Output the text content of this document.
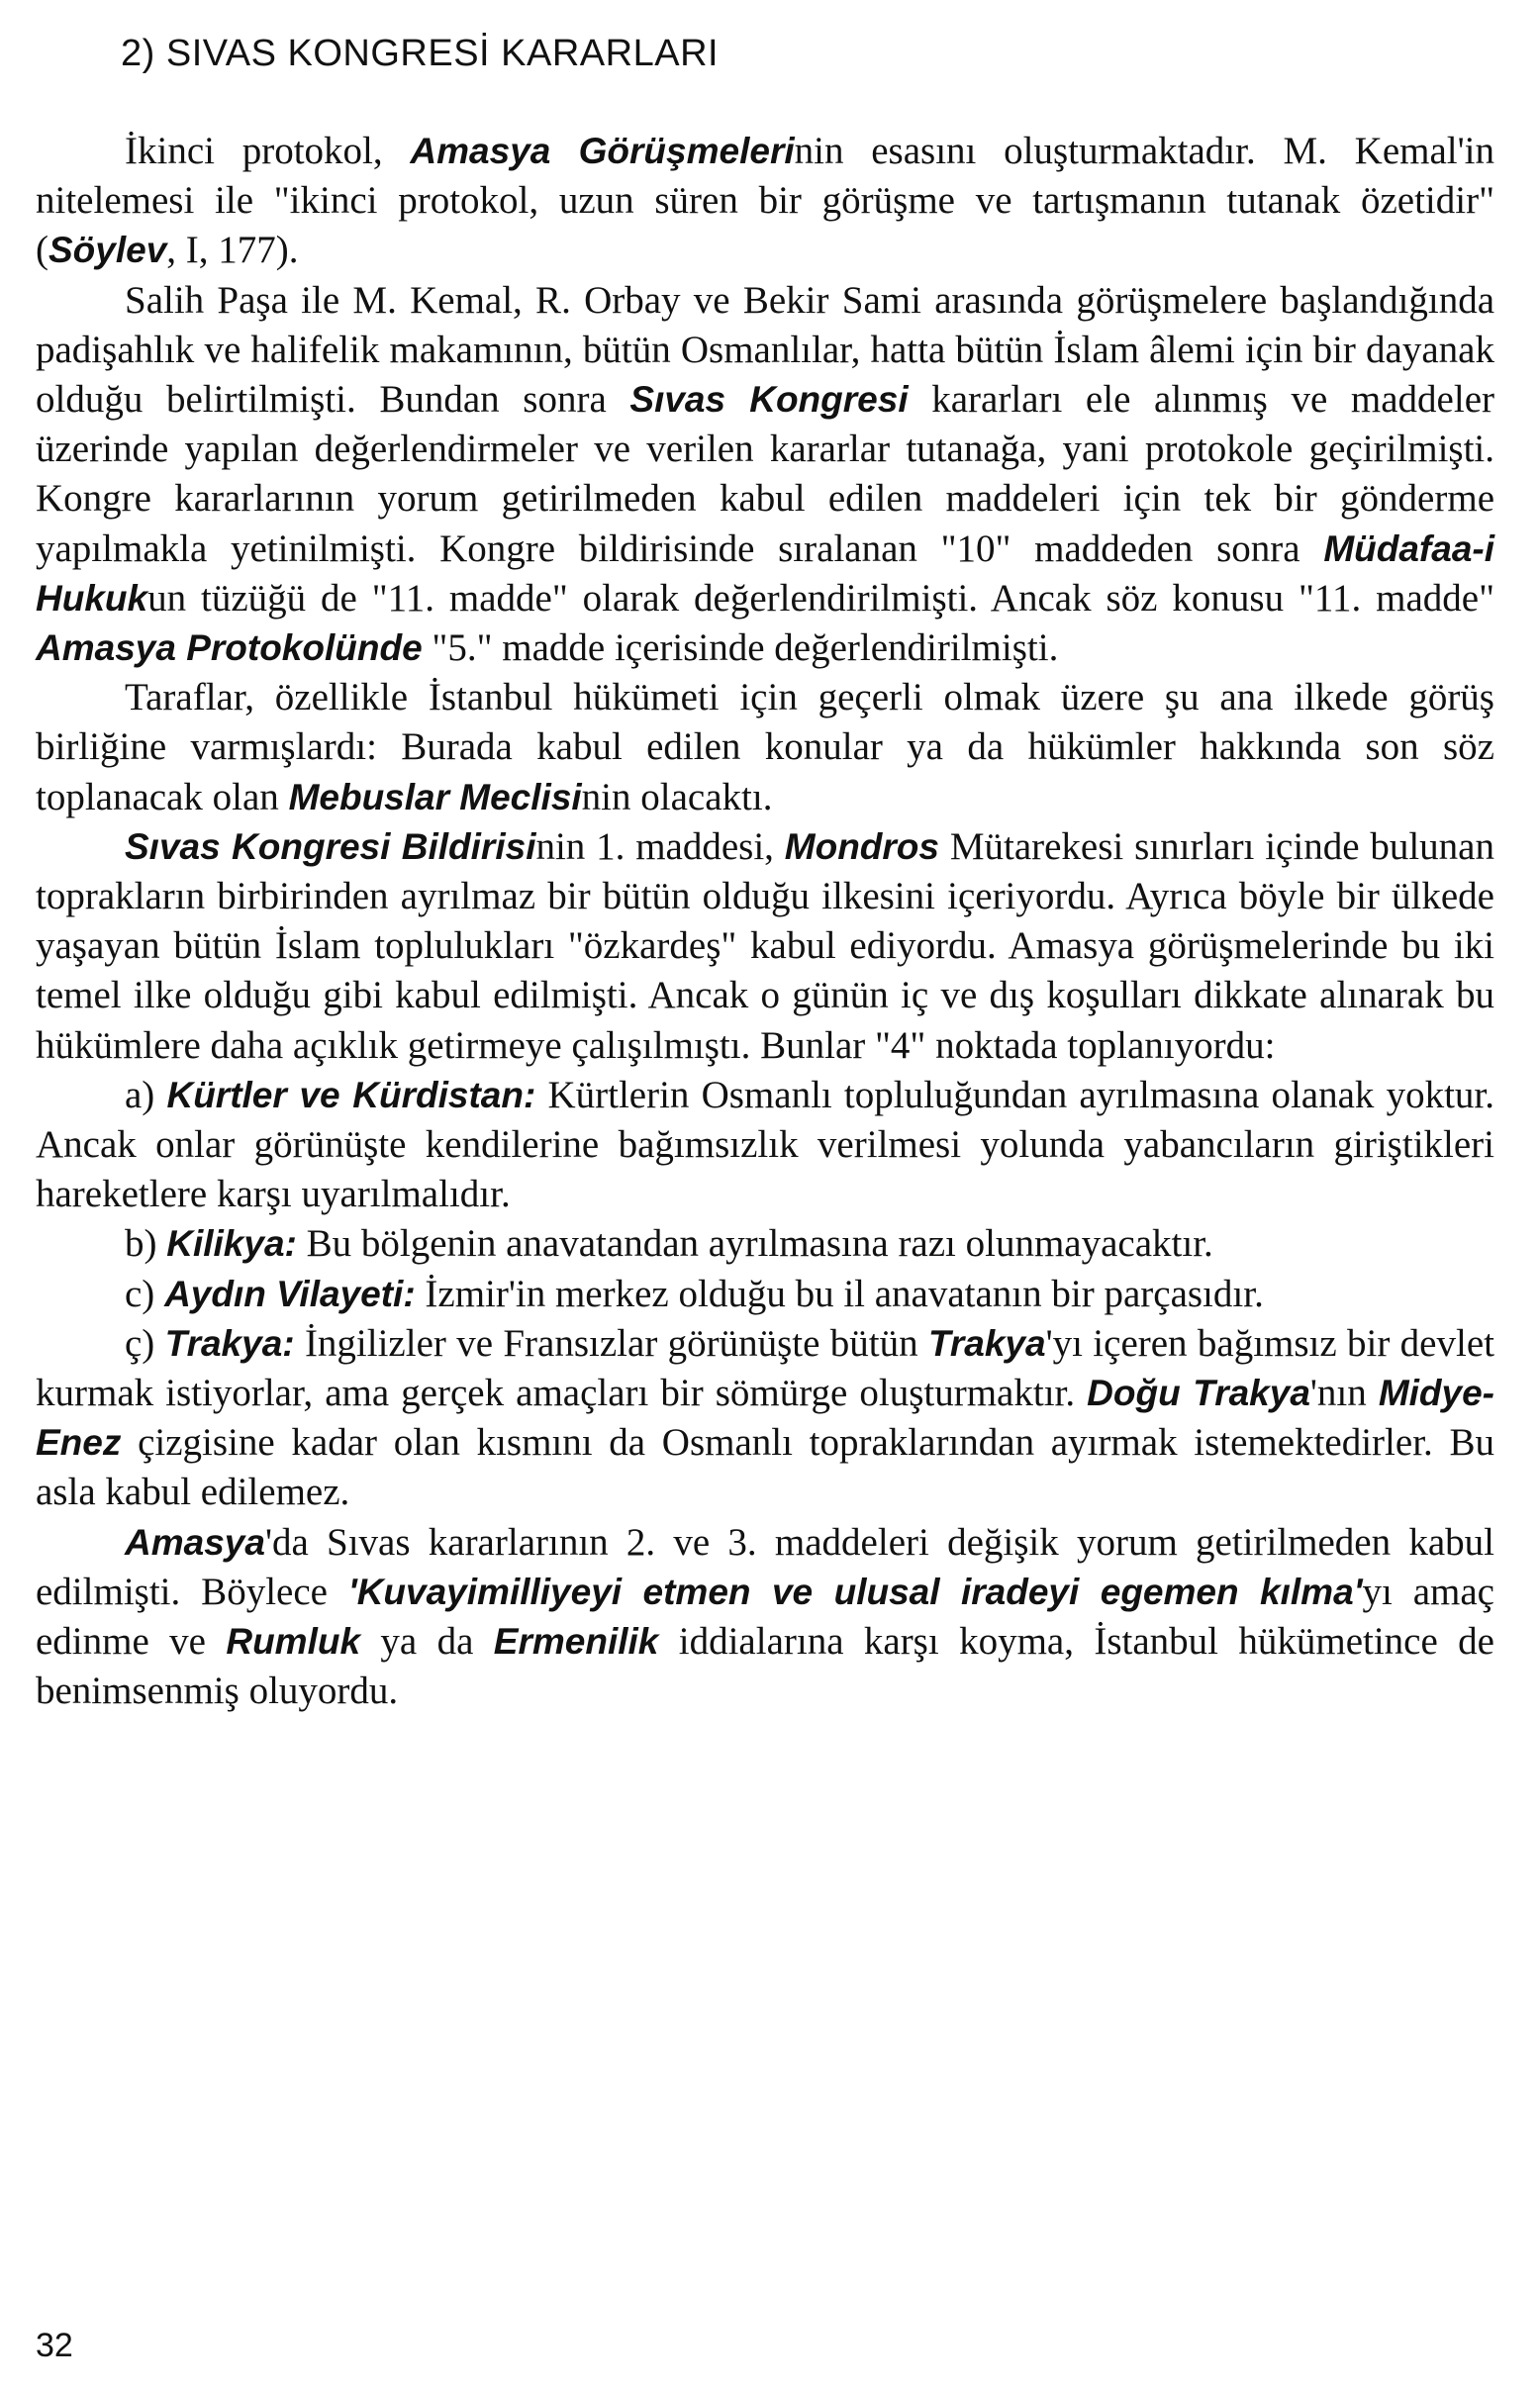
2) SIVAS KONGRESİ KARARLARI

İkinci protokol, Amasya Görüşmelerinin esasını oluşturmaktadır. M. Kemal'in nitelemesi ile "ikinci protokol, uzun süren bir görüşme ve tartışmanın tutanak özetidir" (Söylev, I, 177).

Salih Paşa ile M. Kemal, R. Orbay ve Bekir Sami arasında görüşmelere başlandığında padişahlık ve halifelik makamının, bütün Osmanlılar, hatta bütün İslam âlemi için bir dayanak olduğu belirtilmişti. Bundan sonra Sıvas Kongresi kararları ele alınmış ve maddeler üzerinde yapılan değerlendirmeler ve verilen kararlar tutanağa, yani protokole geçirilmişti. Kongre kararlarının yorum getirilmeden kabul edilen maddeleri için tek bir gönderme yapılmakla yetinilmişti. Kongre bildirisinde sıralanan "10" maddeden sonra Müdafaa-i Hukukun tüzüğü de "11. madde" olarak değerlendirilmişti. Ancak söz konusu "11. madde" Amasya Protokolünde "5." madde içerisinde değerlendirilmişti.

Taraflar, özellikle İstanbul hükümeti için geçerli olmak üzere şu ana ilkede görüş birliğine varmışlardı: Burada kabul edilen konular ya da hükümler hakkında son söz toplanacak olan Mebuslar Meclisinin olacaktı.

Sıvas Kongresi Bildirisinin 1. maddesi, Mondros Mütarekesi sınırları içinde bulunan toprakların birbirinden ayrılmaz bir bütün olduğu ilkesini içeriyordu. Ayrıca böyle bir ülkede yaşayan bütün İslam toplulukları "özkardeş" kabul ediyordu. Amasya görüşmelerinde bu iki temel ilke olduğu gibi kabul edilmişti. Ancak o günün iç ve dış koşulları dikkate alınarak bu hükümlere daha açıklık getirmeye çalışılmıştı. Bunlar "4" noktada toplanıyordu:

a) Kürtler ve Kürdistan: Kürtlerin Osmanlı topluluğundan ayrılmasına olanak yoktur. Ancak onlar görünüşte kendilerine bağımsızlık verilmesi yolunda yabancıların giriştikleri hareketlere karşı uyarılmalıdır.

b) Kilikya: Bu bölgenin anavatandan ayrılmasına razı olunmayacaktır.

c) Aydın Vilayeti: İzmir'in merkez olduğu bu il anavatanın bir parçasıdır.

ç) Trakya: İngilizler ve Fransızlar görünüşte bütün Trakya'yı içeren bağımsız bir devlet kurmak istiyorlar, ama gerçek amaçları bir sömürge oluşturmaktır. Doğu Trakya'nın Midye-Enez çizgisine kadar olan kısmını da Osmanlı topraklarından ayırmak istemektedirler. Bu asla kabul edilemez.

Amasya'da Sıvas kararlarının 2. ve 3. maddeleri değişik yorum getirilmeden kabul edilmişti. Böylece 'Kuvayimilliyeyi etmen ve ulusal iradeyi egemen kılma'yı amaç edinme ve Rumluk ya da Ermenilik iddialarına karşı koyma, İstanbul hükümetince de benimsenmiş oluyordu.

32
